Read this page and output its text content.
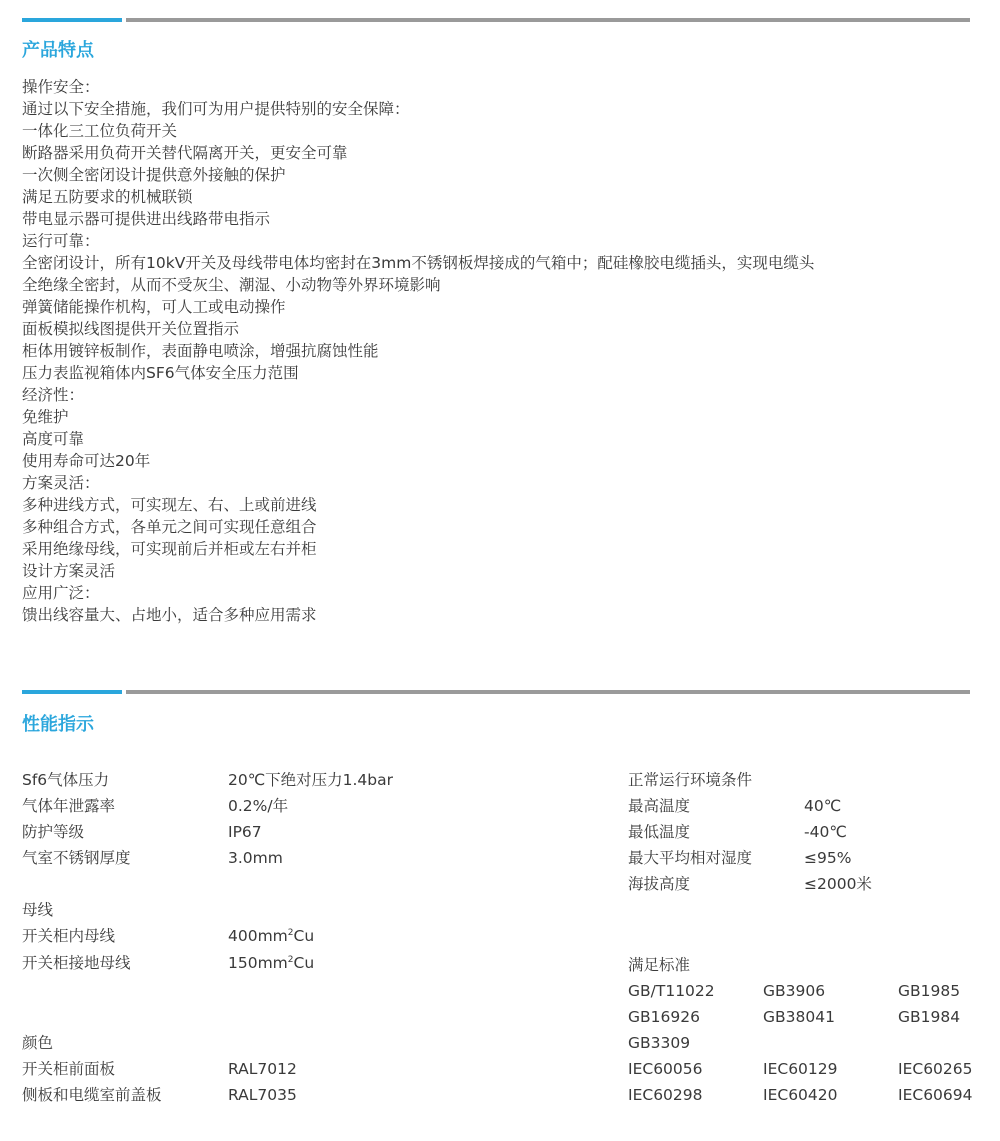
产品特点
操作安全：
通过以下安全措施，我们可为用户提供特别的安全保障：
一体化三工位负荷开关
断路器采用负荷开关替代隔离开关，更安全可靠
一次侧全密闭设计提供意外接触的保护
满足五防要求的机械联锁
带电显示器可提供进出线路带电指示
运行可靠：
全密闭设计，所有10kV开关及母线带电体均密封在3mm不锈钢板焊接成的气箱中；配硅橡胶电缆插头，实现电缆头
全绝缘全密封，从而不受灰尘、潮湿、小动物等外界环境影响
弹簧储能操作机构，可人工或电动操作
面板模拟线图提供开关位置指示
柜体用镀锌板制作，表面静电喷涂，增强抗腐蚀性能
压力表监视箱体内SF6气体安全压力范围
经济性：
免维护
高度可靠
使用寿命可达20年
方案灵活：
多种进线方式，可实现左、右、上或前进线
多种组合方式，各单元之间可实现任意组合
采用绝缘母线，可实现前后并柜或左右并柜
设计方案灵活
应用广泛：
馈出线容量大、占地小，适合多种应用需求
性能指示
Sf6气体压力	20℃下绝对压力1.4bar
气体年泄露率	0.2%/年
防护等级	IP67
气室不锈钢厚度	3.0mm
母线
开关柜内母线	$400mm^2Cu$
开关柜接地母线	$150mm^2Cu$
颜色
开关柜前面板	RAL7012
侧板和电缆室前盖板	RAL7035
正常运行环境条件
最高温度	40℃
最低温度	-40℃
最大平均相对湿度	≤95%
海拔高度	≤2000米
满足标准
GB/T11022	GB3906	GB1985
GB16926	GB38041	GB1984
GB3309
IEC60056	IEC60129	IEC60265
IEC60298	IEC60420	IEC60694
